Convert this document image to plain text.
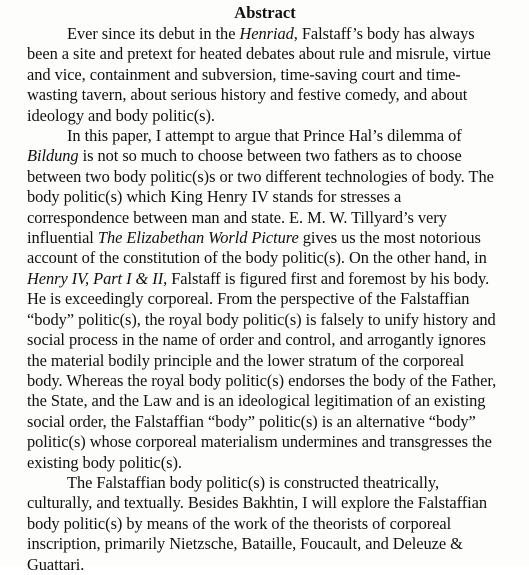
Abstract

Ever since its debut in the Henriad, Falstaff’s body has always been a site and pretext for heated debates about rule and misrule, virtue and vice, containment and subversion, time-saving court and time-wasting tavern, about serious history and festive comedy, and about ideology and body politic(s).

In this paper, I attempt to argue that Prince Hal’s dilemma of Bildung is not so much to choose between two fathers as to choose between two body politic(s)s or two different technologies of body. The body politic(s) which King Henry IV stands for stresses a correspondence between man and state. E. M. W. Tillyard’s very influential The Elizabethan World Picture gives us the most notorious account of the constitution of the body politic(s). On the other hand, in Henry IV, Part I & II, Falstaff is figured first and foremost by his body. He is exceedingly corporeal. From the perspective of the Falstaffian “body” politic(s), the royal body politic(s) is falsely to unify history and social process in the name of order and control, and arrogantly ignores the material bodily principle and the lower stratum of the corporeal body. Whereas the royal body politic(s) endorses the body of the Father, the State, and the Law and is an ideological legitimation of an existing social order, the Falstaffian “body” politic(s) is an alternative “body” politic(s) whose corporeal materialism undermines and transgresses the existing body politic(s).

The Falstaffian body politic(s) is constructed theatrically, culturally, and textually. Besides Bakhtin, I will explore the Falstaffian body politic(s) by means of the work of the theorists of corporeal inscription, primarily Nietzsche, Bataille, Foucault, and Deleuze & Guattari.
